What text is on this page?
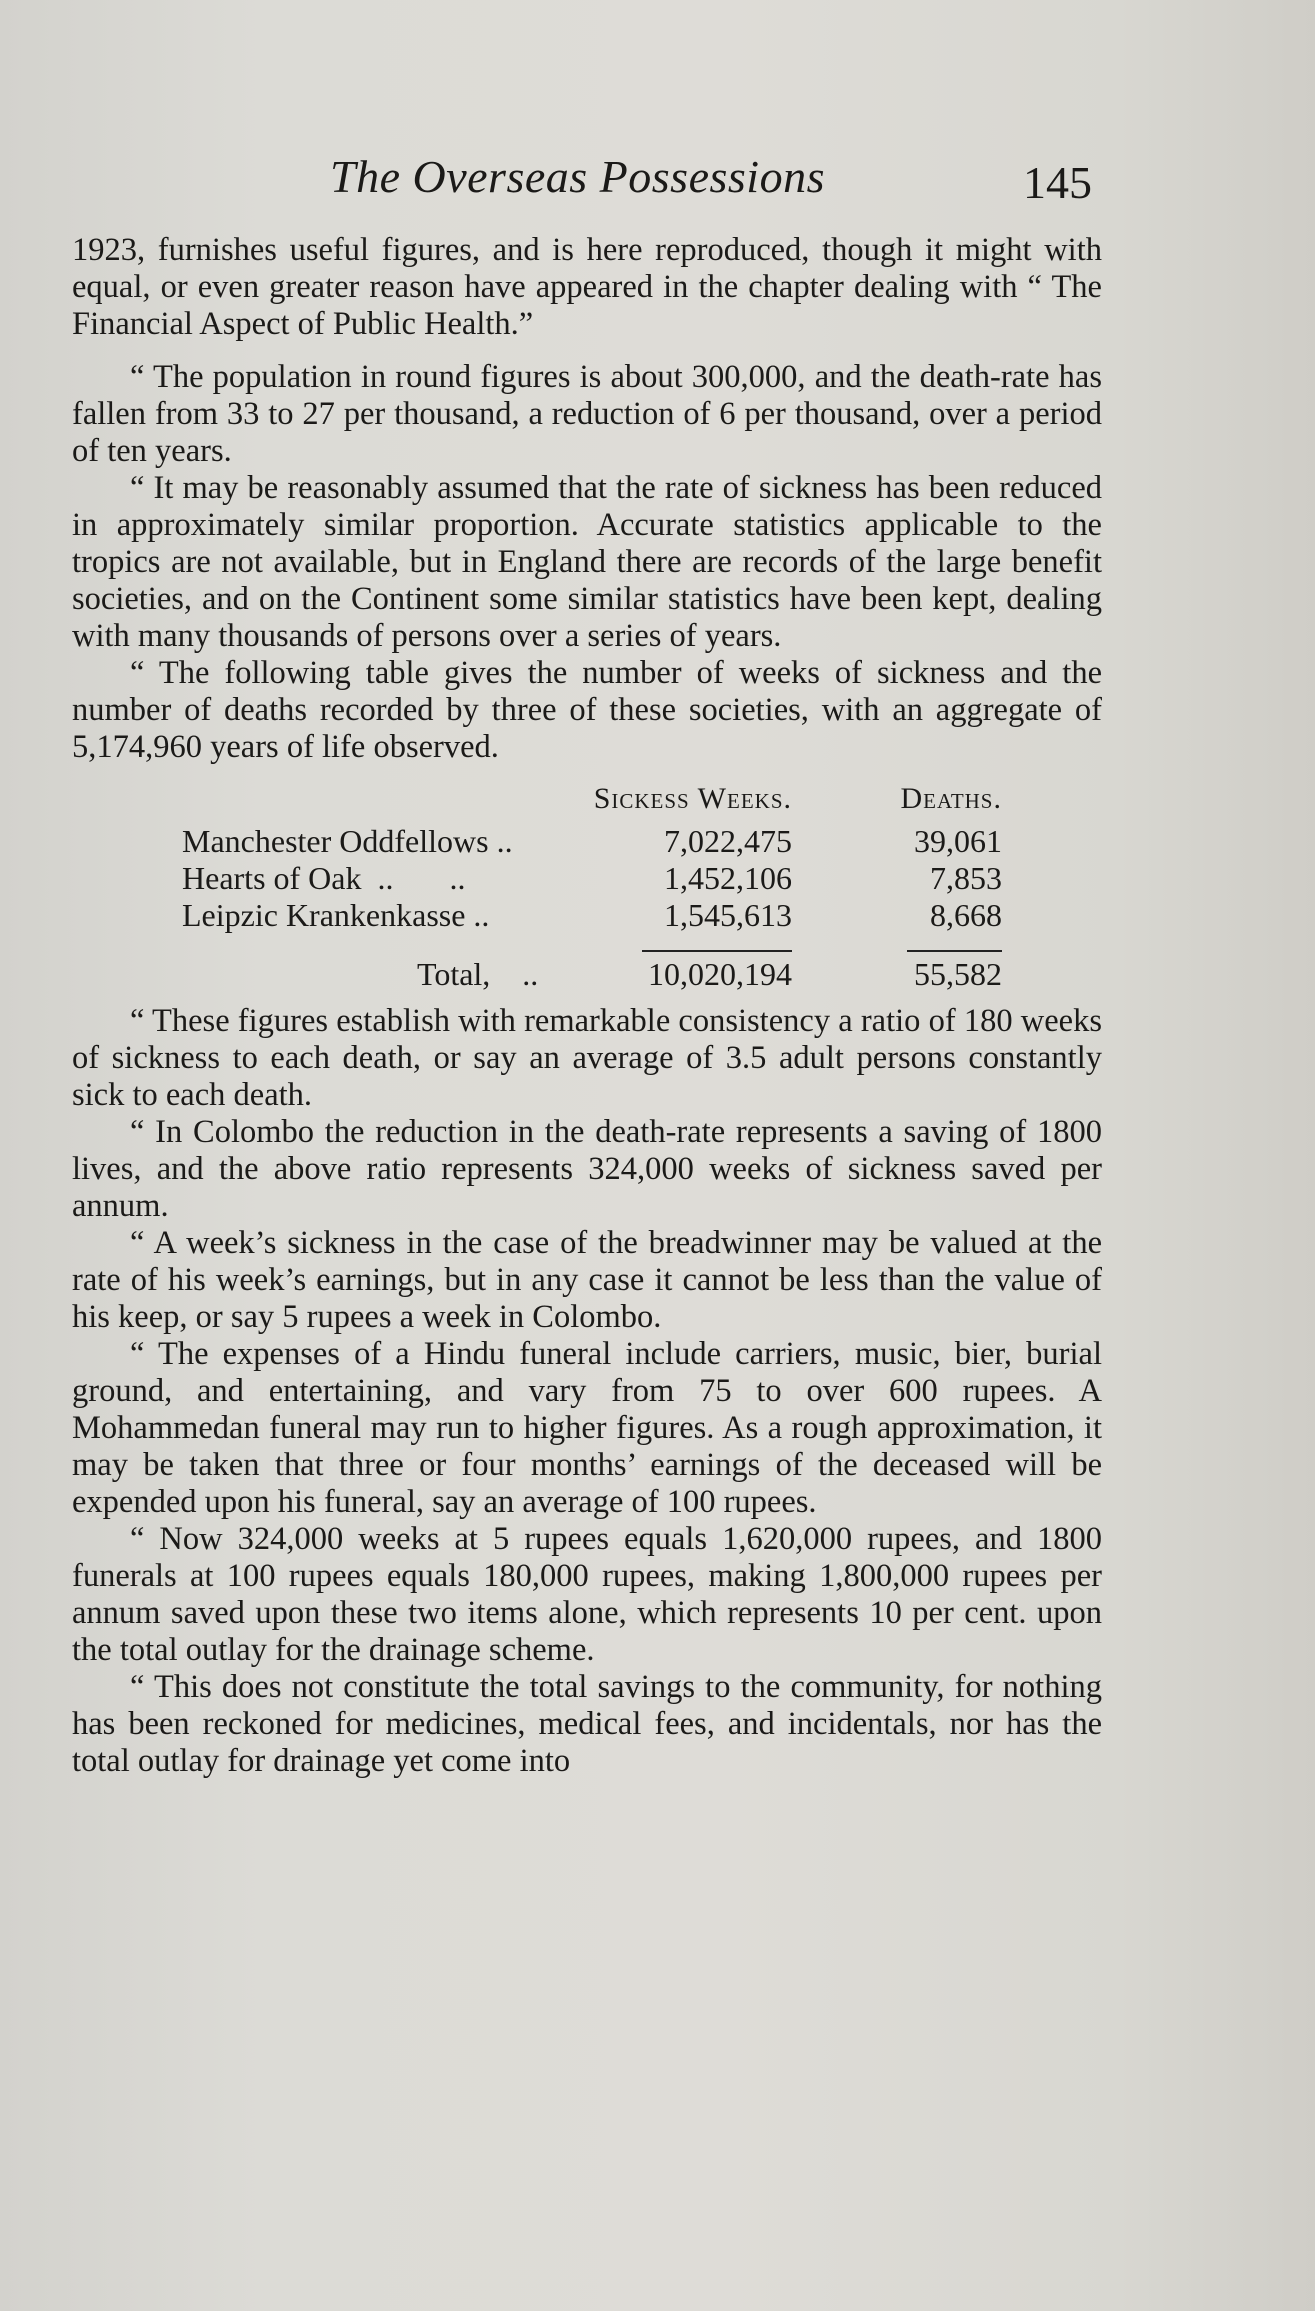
The Overseas Possessions	145

1923, furnishes useful figures, and is here reproduced, though it might with equal, or even greater reason have appeared in the chapter dealing with “ The Financial Aspect of Public Health.”

“ The population in round figures is about 300,000, and the death-rate has fallen from 33 to 27 per thousand, a reduction of 6 per thousand, over a period of ten years.

“ It may be reasonably assumed that the rate of sickness has been reduced in approximately similar proportion. Accurate statistics applicable to the tropics are not available, but in England there are records of the large benefit societies, and on the Continent some similar statistics have been kept, dealing with many thousands of persons over a series of years.

“ The following table gives the number of weeks of sickness and the number of deaths recorded by three of these societies, with an aggregate of 5,174,960 years of life observed.

	Sickess Weeks.	Deaths.
Manchester Oddfellows ..	7,022,475	39,061
Hearts of Oak  ..       ..	1,452,106	7,853
Leipzic Krankenkasse ..	1,545,613	8,668

Total,    ..	10,020,194	55,582

“ These figures establish with remarkable consistency a ratio of 180 weeks of sickness to each death, or say an average of 3.5 adult persons constantly sick to each death.

“ In Colombo the reduction in the death-rate represents a saving of 1800 lives, and the above ratio represents 324,000 weeks of sickness saved per annum.

“ A week’s sickness in the case of the breadwinner may be valued at the rate of his week’s earnings, but in any case it cannot be less than the value of his keep, or say 5 rupees a week in Colombo.

“ The expenses of a Hindu funeral include carriers, music, bier, burial ground, and entertaining, and vary from 75 to over 600 rupees. A Mohammedan funeral may run to higher figures. As a rough approximation, it may be taken that three or four months’ earnings of the deceased will be expended upon his funeral, say an average of 100 rupees.

“ Now 324,000 weeks at 5 rupees equals 1,620,000 rupees, and 1800 funerals at 100 rupees equals 180,000 rupees, making 1,800,000 rupees per annum saved upon these two items alone, which represents 10 per cent. upon the total outlay for the drainage scheme.

“ This does not constitute the total savings to the community, for nothing has been reckoned for medicines, medical fees, and incidentals, nor has the total outlay for drainage yet come into
